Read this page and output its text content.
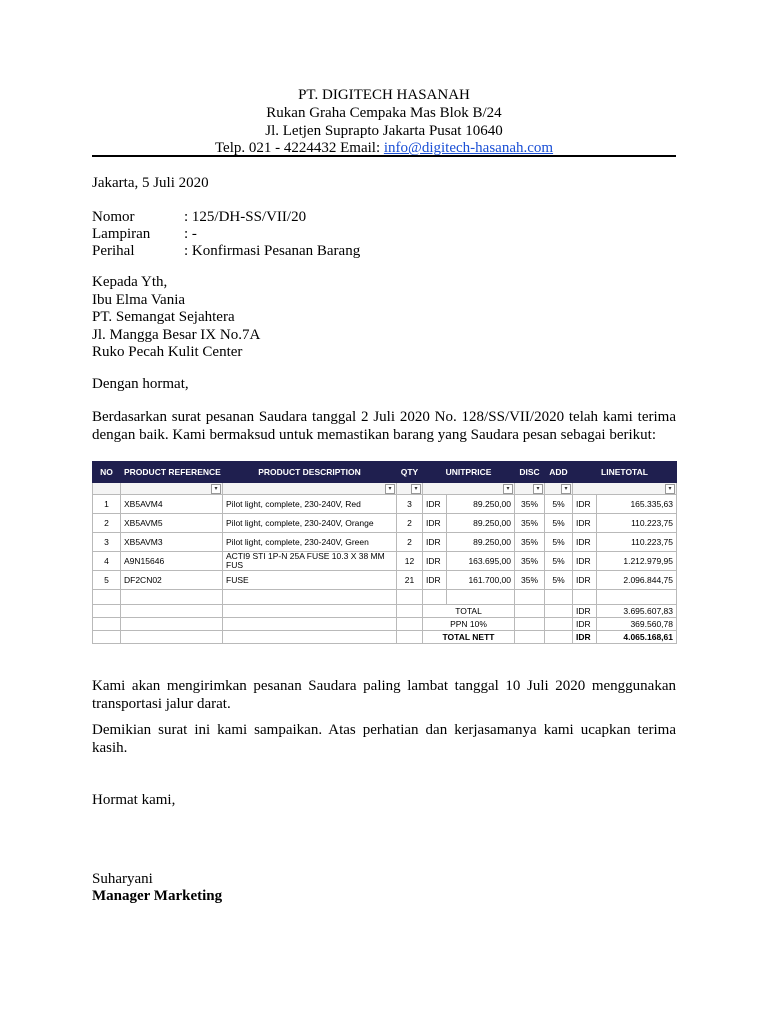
PT. DIGITECH HASANAH
Rukan Graha Cempaka Mas Blok B/24
Jl. Letjen Suprapto Jakarta Pusat 10640
Telp. 021 - 4224432 Email: info@digitech-hasanah.com
Jakarta, 5 Juli 2020
Nomor	: 125/DH-SS/VII/20
Lampiran	: -
Perihal	: Konfirmasi Pesanan Barang
Kepada Yth,
Ibu Elma Vania
PT. Semangat Sejahtera
Jl. Mangga Besar IX No.7A
Ruko Pecah Kulit Center
Dengan hormat,
Berdasarkan surat pesanan Saudara tanggal 2 Juli 2020 No. 128/SS/VII/2020 telah kami terima dengan baik. Kami bermaksud untuk memastikan barang yang Saudara pesan sebagai berikut:
NO	PRODUCT REFERENCE	PRODUCT DESCRIPTION	QTY	UNITPRICE		DISC	ADD	LINETOTAL	

	▾	▾	▾	▾		▾	▾	▾	

1	XB5AVM4	Pilot light, complete, 230-240V, Red	3	IDR	89.250,00	35%	5%	IDR	165.335,63
2	XB5AVM5	Pilot light, complete, 230-240V, Orange	2	IDR	89.250,00	35%	5%	IDR	110.223,75
3	XB5AVM3	Pilot light, complete, 230-240V, Green	2	IDR	89.250,00	35%	5%	IDR	110.223,75
4	A9N15646	ACTI9 STI 1P-N 25A FUSE 10.3 X 38 MM FUS	12	IDR	163.695,00	35%	5%	IDR	1.212.979,95
5	DF2CN02	FUSE	21	IDR	161.700,00	35%	5%	IDR	2.096.844,75

				TOTAL				IDR	3.695.607,83
				PPN 10%				IDR	369.560,78
				TOTAL NETT				IDR	4.065.168,61
Kami akan mengirimkan pesanan Saudara paling lambat tanggal 10 Juli 2020 menggunakan transportasi jalur darat.
Demikian surat ini kami sampaikan. Atas perhatian dan kerjasamanya kami ucapkan terima kasih.
Hormat kami,
Suharyani
Manager Marketing
